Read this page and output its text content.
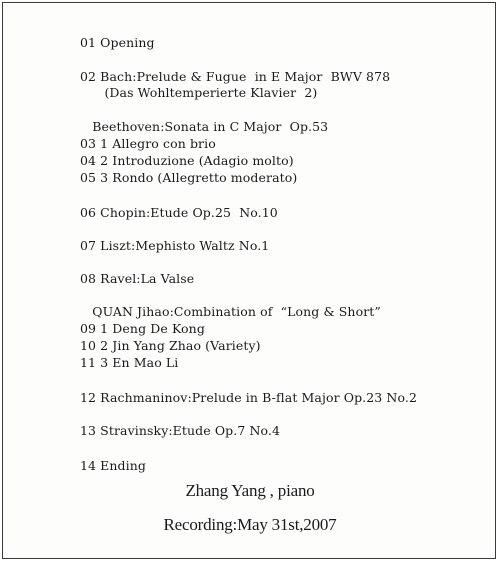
01 Opening
02 Bach:Prelude & Fugue  in E Major  BWV 878
(Das Wohltemperierte Klavier  2)
Beethoven:Sonata in C Major  Op.53
03 1 Allegro con brio
04 2 Introduzione (Adagio molto)
05 3 Rondo (Allegretto moderato)
06 Chopin:Etude Op.25  No.10
07 Liszt:Mephisto Waltz No.1
08 Ravel:La Valse
QUAN Jihao:Combination of  “Long & Short”
09 1 Deng De Kong
10 2 Jin Yang Zhao (Variety)
11 3 En Mao Li
12 Rachmaninov:Prelude in B-flat Major Op.23 No.2
13 Stravinsky:Etude Op.7 No.4
14 Ending
Zhang Yang , piano
Recording:May 31st,2007
